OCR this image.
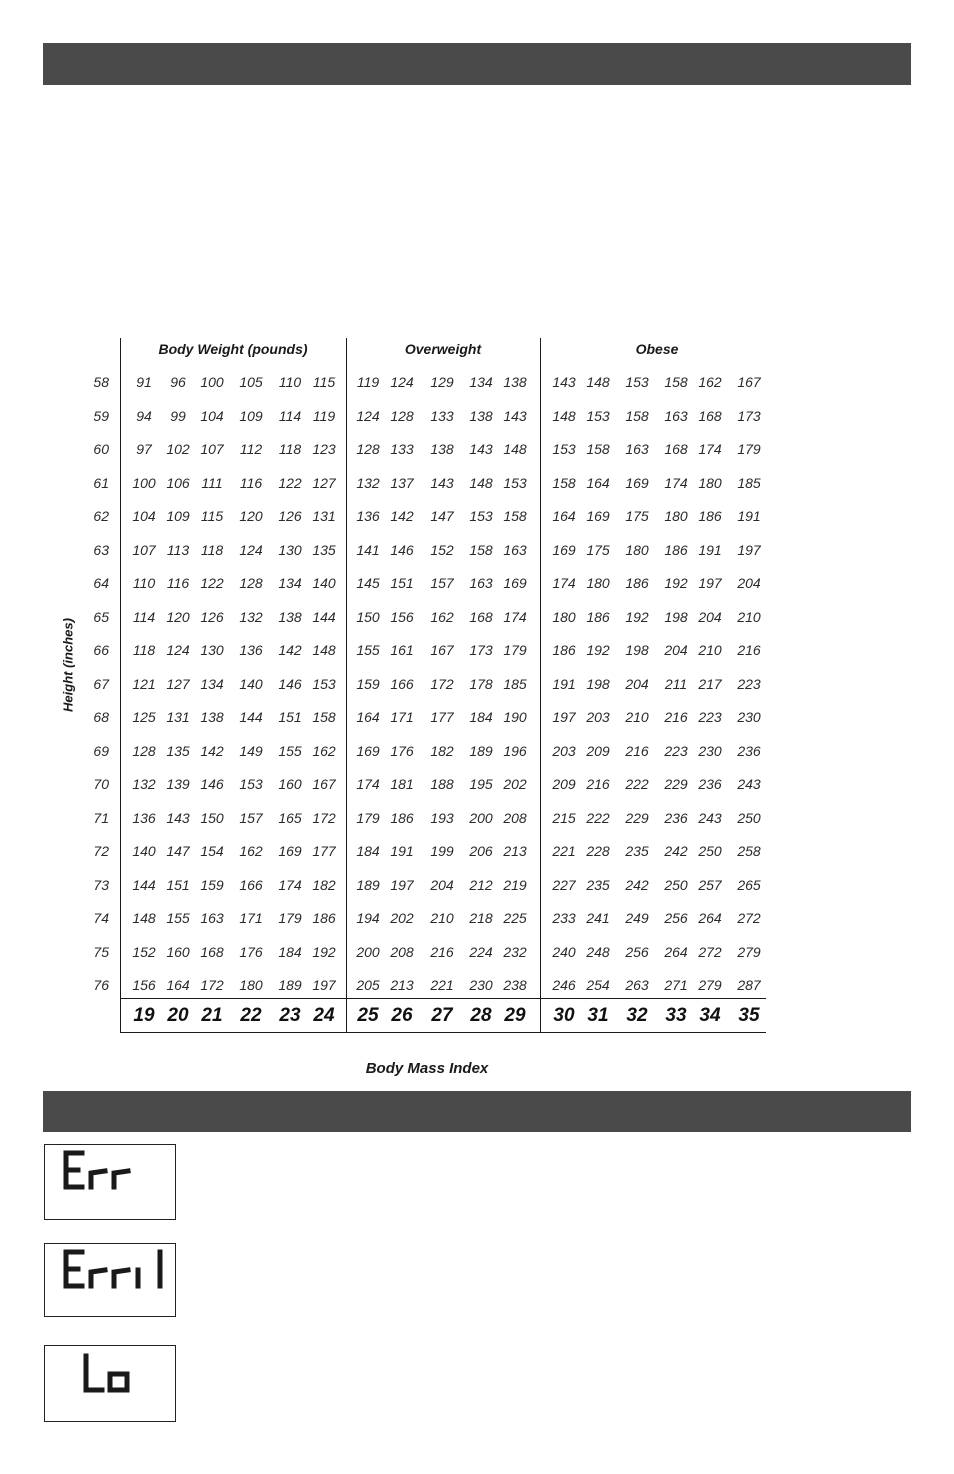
Body Weight (pounds)	Overweight	Obese
58	91	96	100	105	110 115	119 124	129	134 138	143 148	153	158 162	167
59	94	99	104	109	114 119	124 128	133	138 143	148 153	158	163 168	173
60	97	102 107	112	118 123	128 133	138	143 148	153 158	163	168 174	179
61	100 106 111	116	122 127	132 137	143	148 153	158 164	169	174 180	185
62	104 109 115	120	126 131	136 142	147	153 158	164 169	175	180 186	191
63	107 113 118	124	130 135	141 146	152	158 163	169 175	180	186 191	197
64	110 116 122	128	134 140	145 151	157	163 169	174 180	186	192 197	204
65	114 120 126	132	138 144	150 156	162	168 174	180 186	192	198 204	210
66	118 124 130	136	142 148	155 161	167	173 179	186 192	198	204 210	216
67	121 127 134	140	146 153	159 166	172	178 185	191 198	204	211 217	223
68	125 131 138	144	151 158	164 171	177	184 190	197 203	210	216 223	230
69	128 135 142	149	155 162	169 176	182	189 196	203 209	216	223 230	236
70	132 139 146	153	160 167	174 181	188	195 202	209 216	222	229 236	243
71	136 143 150	157	165 172	179 186	193	200 208	215 222	229	236 243	250
72	140 147 154	162	169 177	184 191	199	206 213	221 228	235	242 250	258
73	144 151 159	166	174 182	189 197	204	212 219	227 235	242	250 257	265
74	148 155 163	171	179 186	194 202	210	218 225	233 241	249	256 264	272
75	152 160 168	176	184 192	200 208	216	224 232	240 248	256	264 272	279
76	156 164 172	180	189 197	205 213	221	230 238	246 254	263	271 279	287
19 20 21 22 23 24	25 26 27 28 29	30 31 32 33 34 35
Height (inches)
Body Mass Index
